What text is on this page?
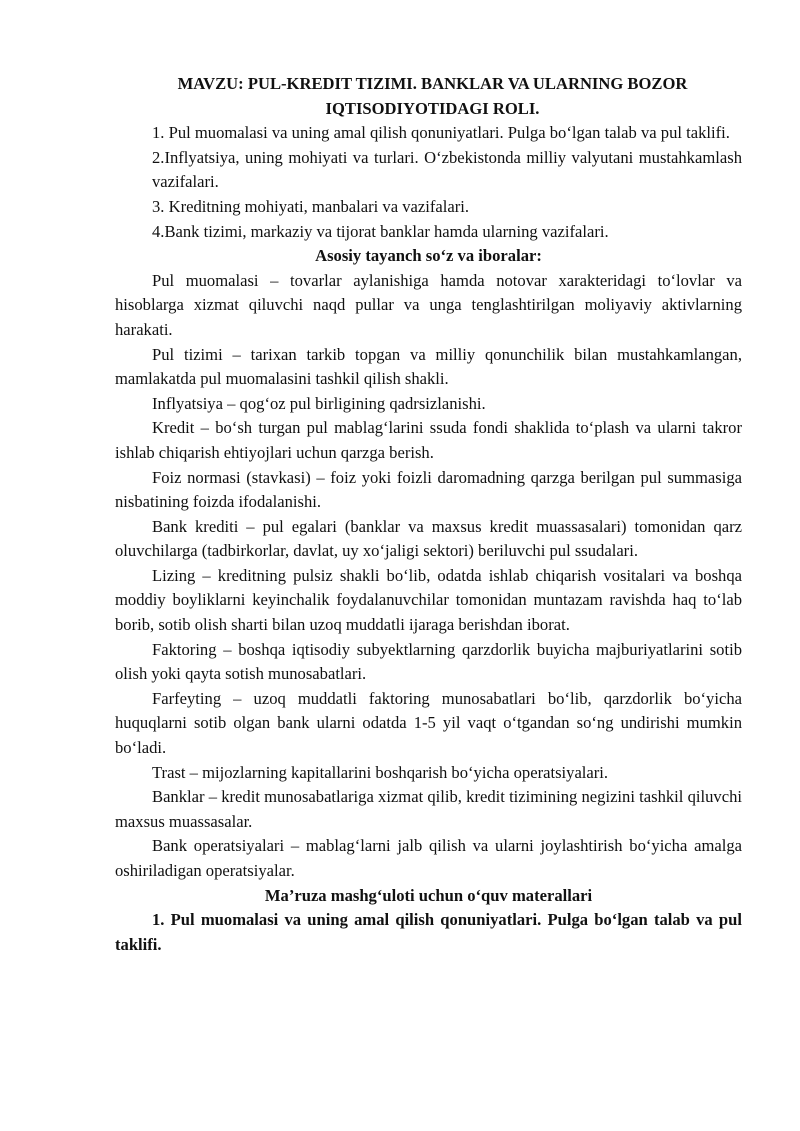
MAVZU: PUL-KREDIT TIZIMI. BANKLAR VA ULARNING BOZOR IQTISODIYOTIDAGI ROLI.

1. Pul muomalasi va uning amal qilish qonuniyatlari. Pulga bo‘lgan talab va pul taklifi.

2.Inflyatsiya, uning mohiyati va turlari. O‘zbekistonda milliy valyutani mustahkamlash vazifalari.

3. Kreditning mohiyati, manbalari va vazifalari.

4.Bank tizimi, markaziy va tijorat banklar hamda ularning vazifalari.

Asosiy tayanch so‘z va iboralar:

Pul muomalasi – tovarlar aylanishiga hamda notovar xarakteridagi to‘lovlar va hisoblarga xizmat qiluvchi naqd pullar va unga tenglashtirilgan moliyaviy aktivlarning harakati.

Pul tizimi – tarixan tarkib topgan va milliy qonunchilik bilan mustahkamlangan, mamlakatda pul muomalasini tashkil qilish shakli.

Inflyatsiya – qog‘oz pul birligining qadrsizlanishi.

Kredit – bo‘sh turgan pul mablag‘larini ssuda fondi shaklida to‘plash va ularni takror ishlab chiqarish ehtiyojlari uchun qarzga berish.

Foiz normasi (stavkasi) – foiz yoki foizli daromadning qarzga berilgan pul summasiga nisbatining foizda ifodalanishi.

Bank krediti – pul egalari (banklar va maxsus kredit muassasalari) tomonidan qarz oluvchilarga (tadbirkorlar, davlat, uy xo‘jaligi sektori) beriluvchi pul ssudalari.

Lizing – kreditning pulsiz shakli bo‘lib, odatda ishlab chiqarish vositalari va boshqa moddiy boyliklarni keyinchalik foydalanuvchilar tomonidan muntazam ravishda haq to‘lab borib, sotib olish sharti bilan uzoq muddatli ijaraga berishdan iborat.

Faktoring – boshqa iqtisodiy subyektlarning qarzdorlik buyicha majburiyatlarini sotib olish yoki qayta sotish munosabatlari.

Farfeyting – uzoq muddatli faktoring munosabatlari bo‘lib, qarzdorlik bo‘yicha huquqlarni sotib olgan bank ularni odatda 1-5 yil vaqt o‘tgandan so‘ng undirishi mumkin bo‘ladi.

Trast – mijozlarning kapitallarini boshqarish bo‘yicha operatsiyalari.

Banklar – kredit munosabatlariga xizmat qilib, kredit tizimining negizini tashkil qiluvchi maxsus muassasalar.

Bank operatsiyalari – mablag‘larni jalb qilish va ularni joylashtirish bo‘yicha amalga oshiriladigan operatsiyalar.

Ma’ruza mashg‘uloti uchun o‘quv materallari

1. Pul muomalasi va uning amal qilish qonuniyatlari. Pulga bo‘lgan talab va pul taklifi.
